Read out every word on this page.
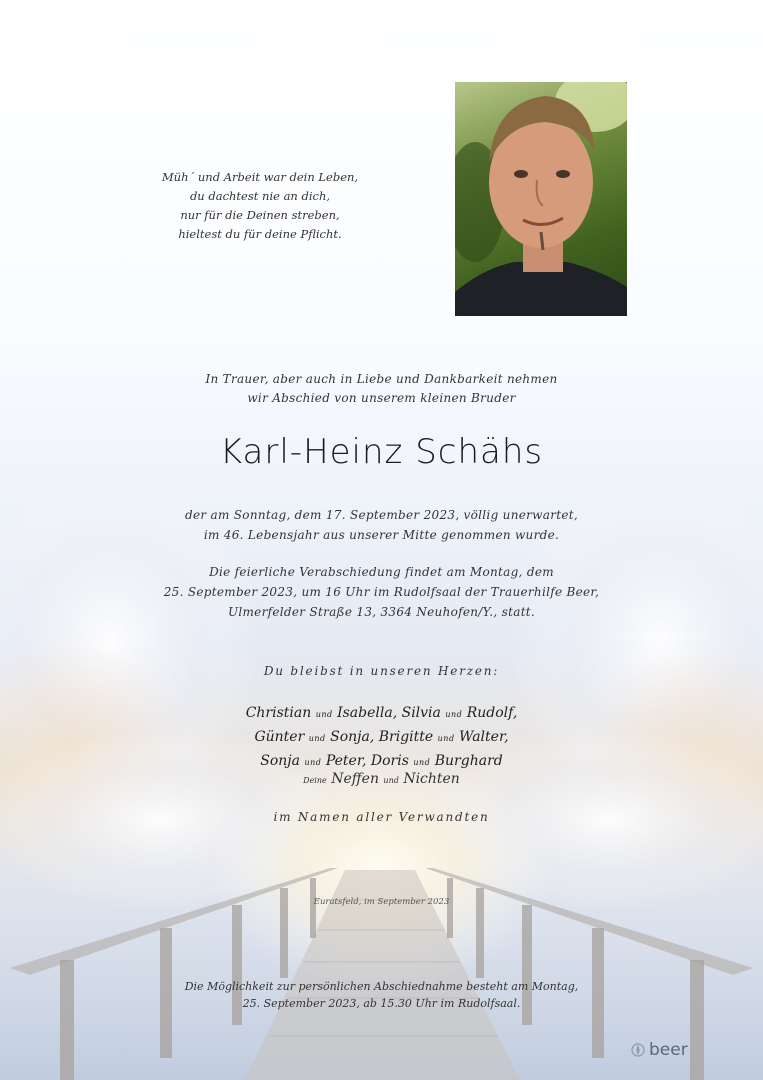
Müh´ und Arbeit war dein Leben,
du dachtest nie an dich,
nur für die Deinen streben,
hieltest du für deine Pflicht.
In Trauer, aber auch in Liebe und Dankbarkeit nehmen
wir Abschied von unserem kleinen Bruder
Karl-Heinz Schähs
der am Sonntag, dem 17. September 2023, völlig unerwartet,
im 46. Lebensjahr aus unserer Mitte genommen wurde.
Die feierliche Verabschiedung findet am Montag, dem
25. September 2023, um 16 Uhr im Rudolfsaal der Trauerhilfe Beer,
Ulmerfelder Straße 13, 3364 Neuhofen/Y., statt.
Du bleibst in unseren Herzen:
Christian und Isabella, Silvia und Rudolf,
Günter und Sonja, Brigitte und Walter,
Sonja und Peter, Doris und Burghard
Deine Neffen und Nichten
im Namen aller Verwandten
Euratsfeld, im September 2023
Die Möglichkeit zur persönlichen Abschiednahme besteht am Montag,
25. September 2023, ab 15.30 Uhr im Rudolfsaal.
beer
